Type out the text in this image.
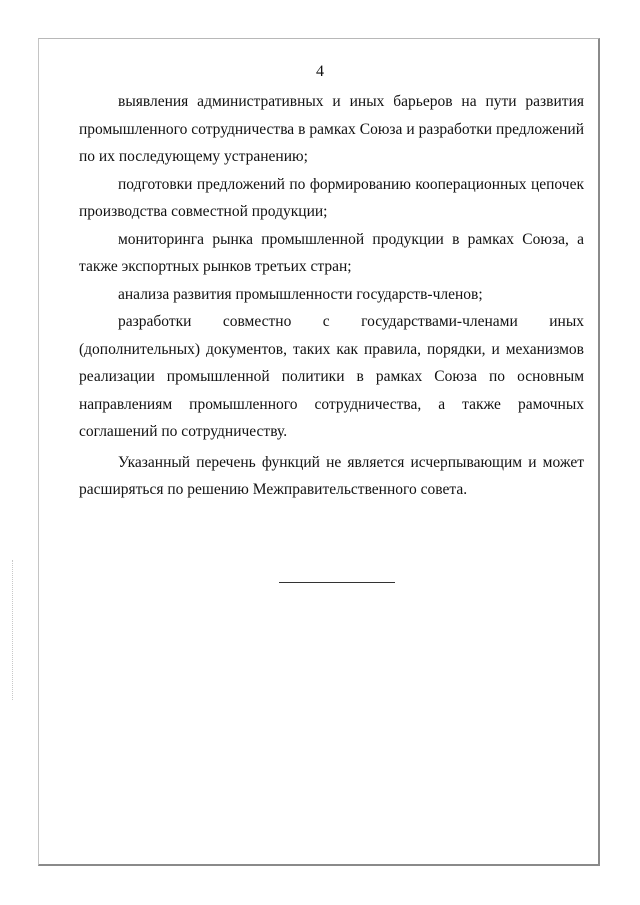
4

выявления административных и иных барьеров на пути развития промышленного сотрудничества в рамках Союза и разработки предложений по их последующему устранению;

подготовки предложений по формированию кооперационных цепочек производства совместной продукции;

мониторинга рынка промышленной продукции в рамках Союза, а также экспортных рынков третьих стран;

анализа развития промышленности государств-членов;

разработки совместно с государствами-членами иных (дополнительных) документов, таких как правила, порядки, и механизмов реализации промышленной политики в рамках Союза по основным направлениям промышленного сотрудничества, а также рамочных соглашений по сотрудничеству.

Указанный перечень функций не является исчерпывающим и может расширяться по решению Межправительственного совета.
